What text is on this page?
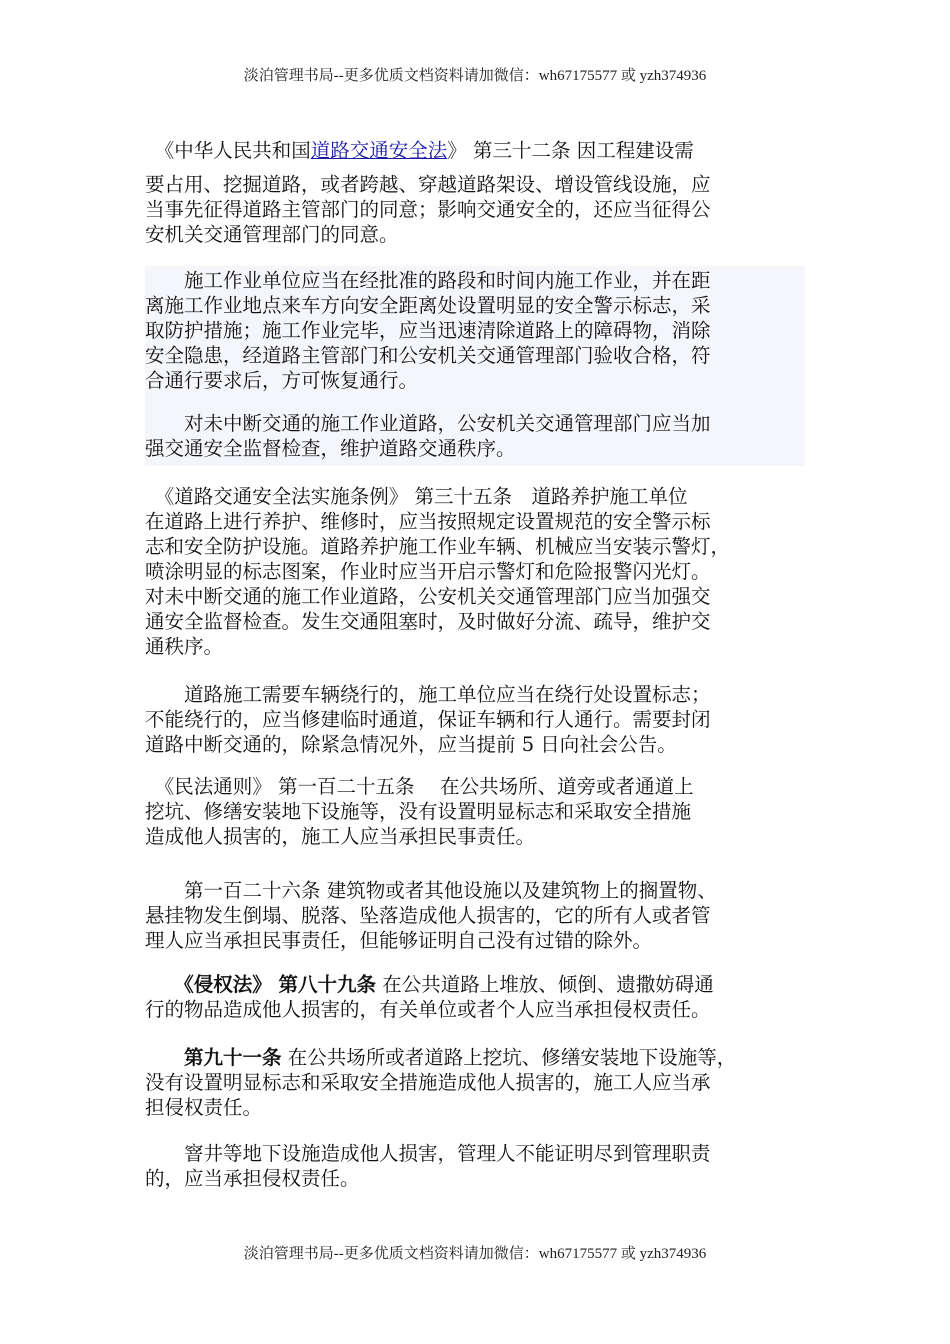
淡泊管理书局--更多优质文档资料请加微信：wh67175577 或 yzh374936
　《中华人民共和国道路交通安全法》 第三十二条 因工程建设需
要占用、挖掘道路，或者跨越、穿越道路架设、增设管线设施，应
当事先征得道路主管部门的同意；影响交通安全的，还应当征得公
安机关交通管理部门的同意。
　　施工作业单位应当在经批准的路段和时间内施工作业，并在距
离施工作业地点来车方向安全距离处设置明显的安全警示标志，采
取防护措施；施工作业完毕，应当迅速清除道路上的障碍物，消除
安全隐患，经道路主管部门和公安机关交通管理部门验收合格，符
合通行要求后，方可恢复通行。
　　对未中断交通的施工作业道路，公安机关交通管理部门应当加
强交通安全监督检查，维护道路交通秩序。
　《道路交通安全法实施条例》 第三十五条　道路养护施工单位
在道路上进行养护、维修时，应当按照规定设置规范的安全警示标
志和安全防护设施。道路养护施工作业车辆、机械应当安装示警灯，
喷涂明显的标志图案，作业时应当开启示警灯和危险报警闪光灯。
对未中断交通的施工作业道路，公安机关交通管理部门应当加强交
通安全监督检查。发生交通阻塞时，及时做好分流、疏导，维护交
通秩序。
　　道路施工需要车辆绕行的，施工单位应当在绕行处设置标志；
不能绕行的，应当修建临时通道，保证车辆和行人通行。需要封闭
道路中断交通的，除紧急情况外，应当提前 5 日向社会公告。
　《民法通则》 第一百二十五条　 在公共场所、道旁或者通道上
挖坑、修缮安装地下设施等，没有设置明显标志和采取安全措施
造成他人损害的，施工人应当承担民事责任。
　　第一百二十六条 建筑物或者其他设施以及建筑物上的搁置物、
悬挂物发生倒塌、脱落、坠落造成他人损害的，它的所有人或者管
理人应当承担民事责任，但能够证明自己没有过错的除外。
　　《侵权法》 第八十九条 在公共道路上堆放、倾倒、遗撒妨碍通
行的物品造成他人损害的，有关单位或者个人应当承担侵权责任。
　　第九十一条 在公共场所或者道路上挖坑、修缮安装地下设施等，
没有设置明显标志和采取安全措施造成他人损害的，施工人应当承
担侵权责任。
　　窨井等地下设施造成他人损害，管理人不能证明尽到管理职责
的，应当承担侵权责任。
淡泊管理书局--更多优质文档资料请加微信：wh67175577 或 yzh374936
